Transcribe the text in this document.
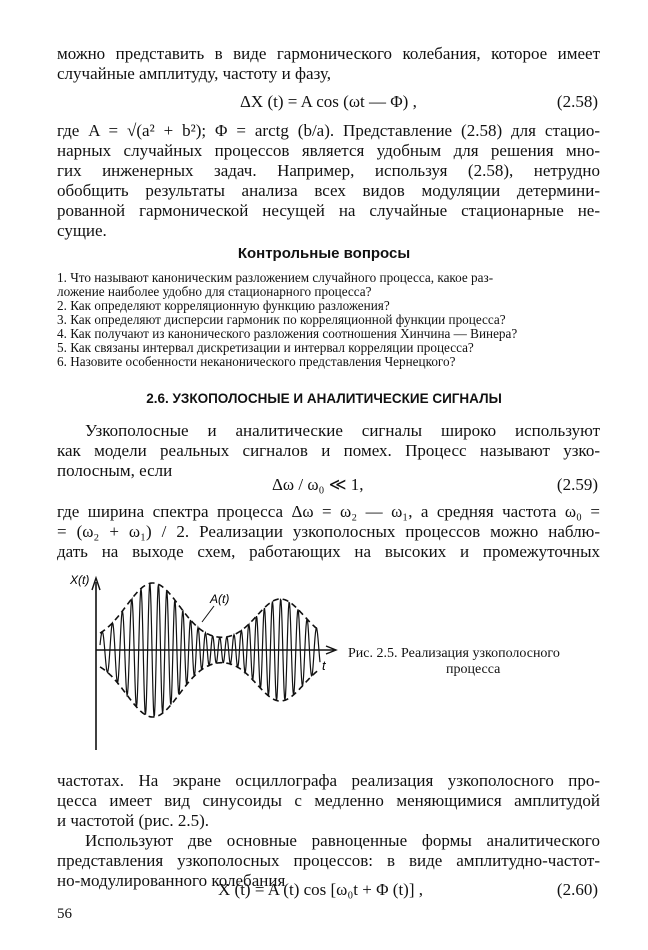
можно представить в виде гармонического колебания, которое имеет
случайные амплитуду, частоту и фазу,
ΔX (t) = A cos (ωt — Φ) ,	(2.58)
где A = √(a² + b²); Φ = arctg (b/a). Представление (2.58) для стацио-
нарных случайных процессов является удобным для решения мно-
гих инженерных задач. Например, используя (2.58), нетрудно
обобщить результаты анализа всех видов модуляции детермини-
рованной гармонической несущей на случайные стационарные не-
сущие.
Контрольные вопросы
1. Что называют каноническим разложением случайного процесса, какое раз-
ложение наиболее удобно для стационарного процесса?
2. Как определяют корреляционную функцию разложения?
3. Как определяют дисперсии гармоник по корреляционной функции процесса?
4. Как получают из канонического разложения соотношения Хинчина — Винера?
5. Как связаны интервал дискретизации и интервал корреляции процесса?
6. Назовите особенности неканонического представления Чернецкого?
2.6. УЗКОПОЛОСНЫЕ И АНАЛИТИЧЕСКИЕ СИГНАЛЫ
Узкополосные и аналитические сигналы широко используют
как модели реальных сигналов и помех. Процесс называют узко-
полосным, если
Δω / ω₀ ≪ 1,	(2.59)
где ширина спектра процесса Δω = ω₂ — ω₁, а средняя частота ω₀ =
= (ω₂ + ω₁) / 2. Реализации узкополосных процессов можно наблю-
дать на выходе схем, работающих на высоких и промежуточных
X(t)
t
A(t)
Рис. 2.5. Реализация узкополосного
процесса
частотах. На экране осциллографа реализация узкополосного про-
цесса имеет вид синусоиды с медленно меняющимися амплитудой
и частотой (рис. 2.5).
Используют две основные равноценные формы аналитического
представления узкополосных процессов: в виде амплитудно-частот-
но-модулированного колебания
X (t) = A (t) cos [ω₀t + Φ (t)] ,	(2.60)
56
